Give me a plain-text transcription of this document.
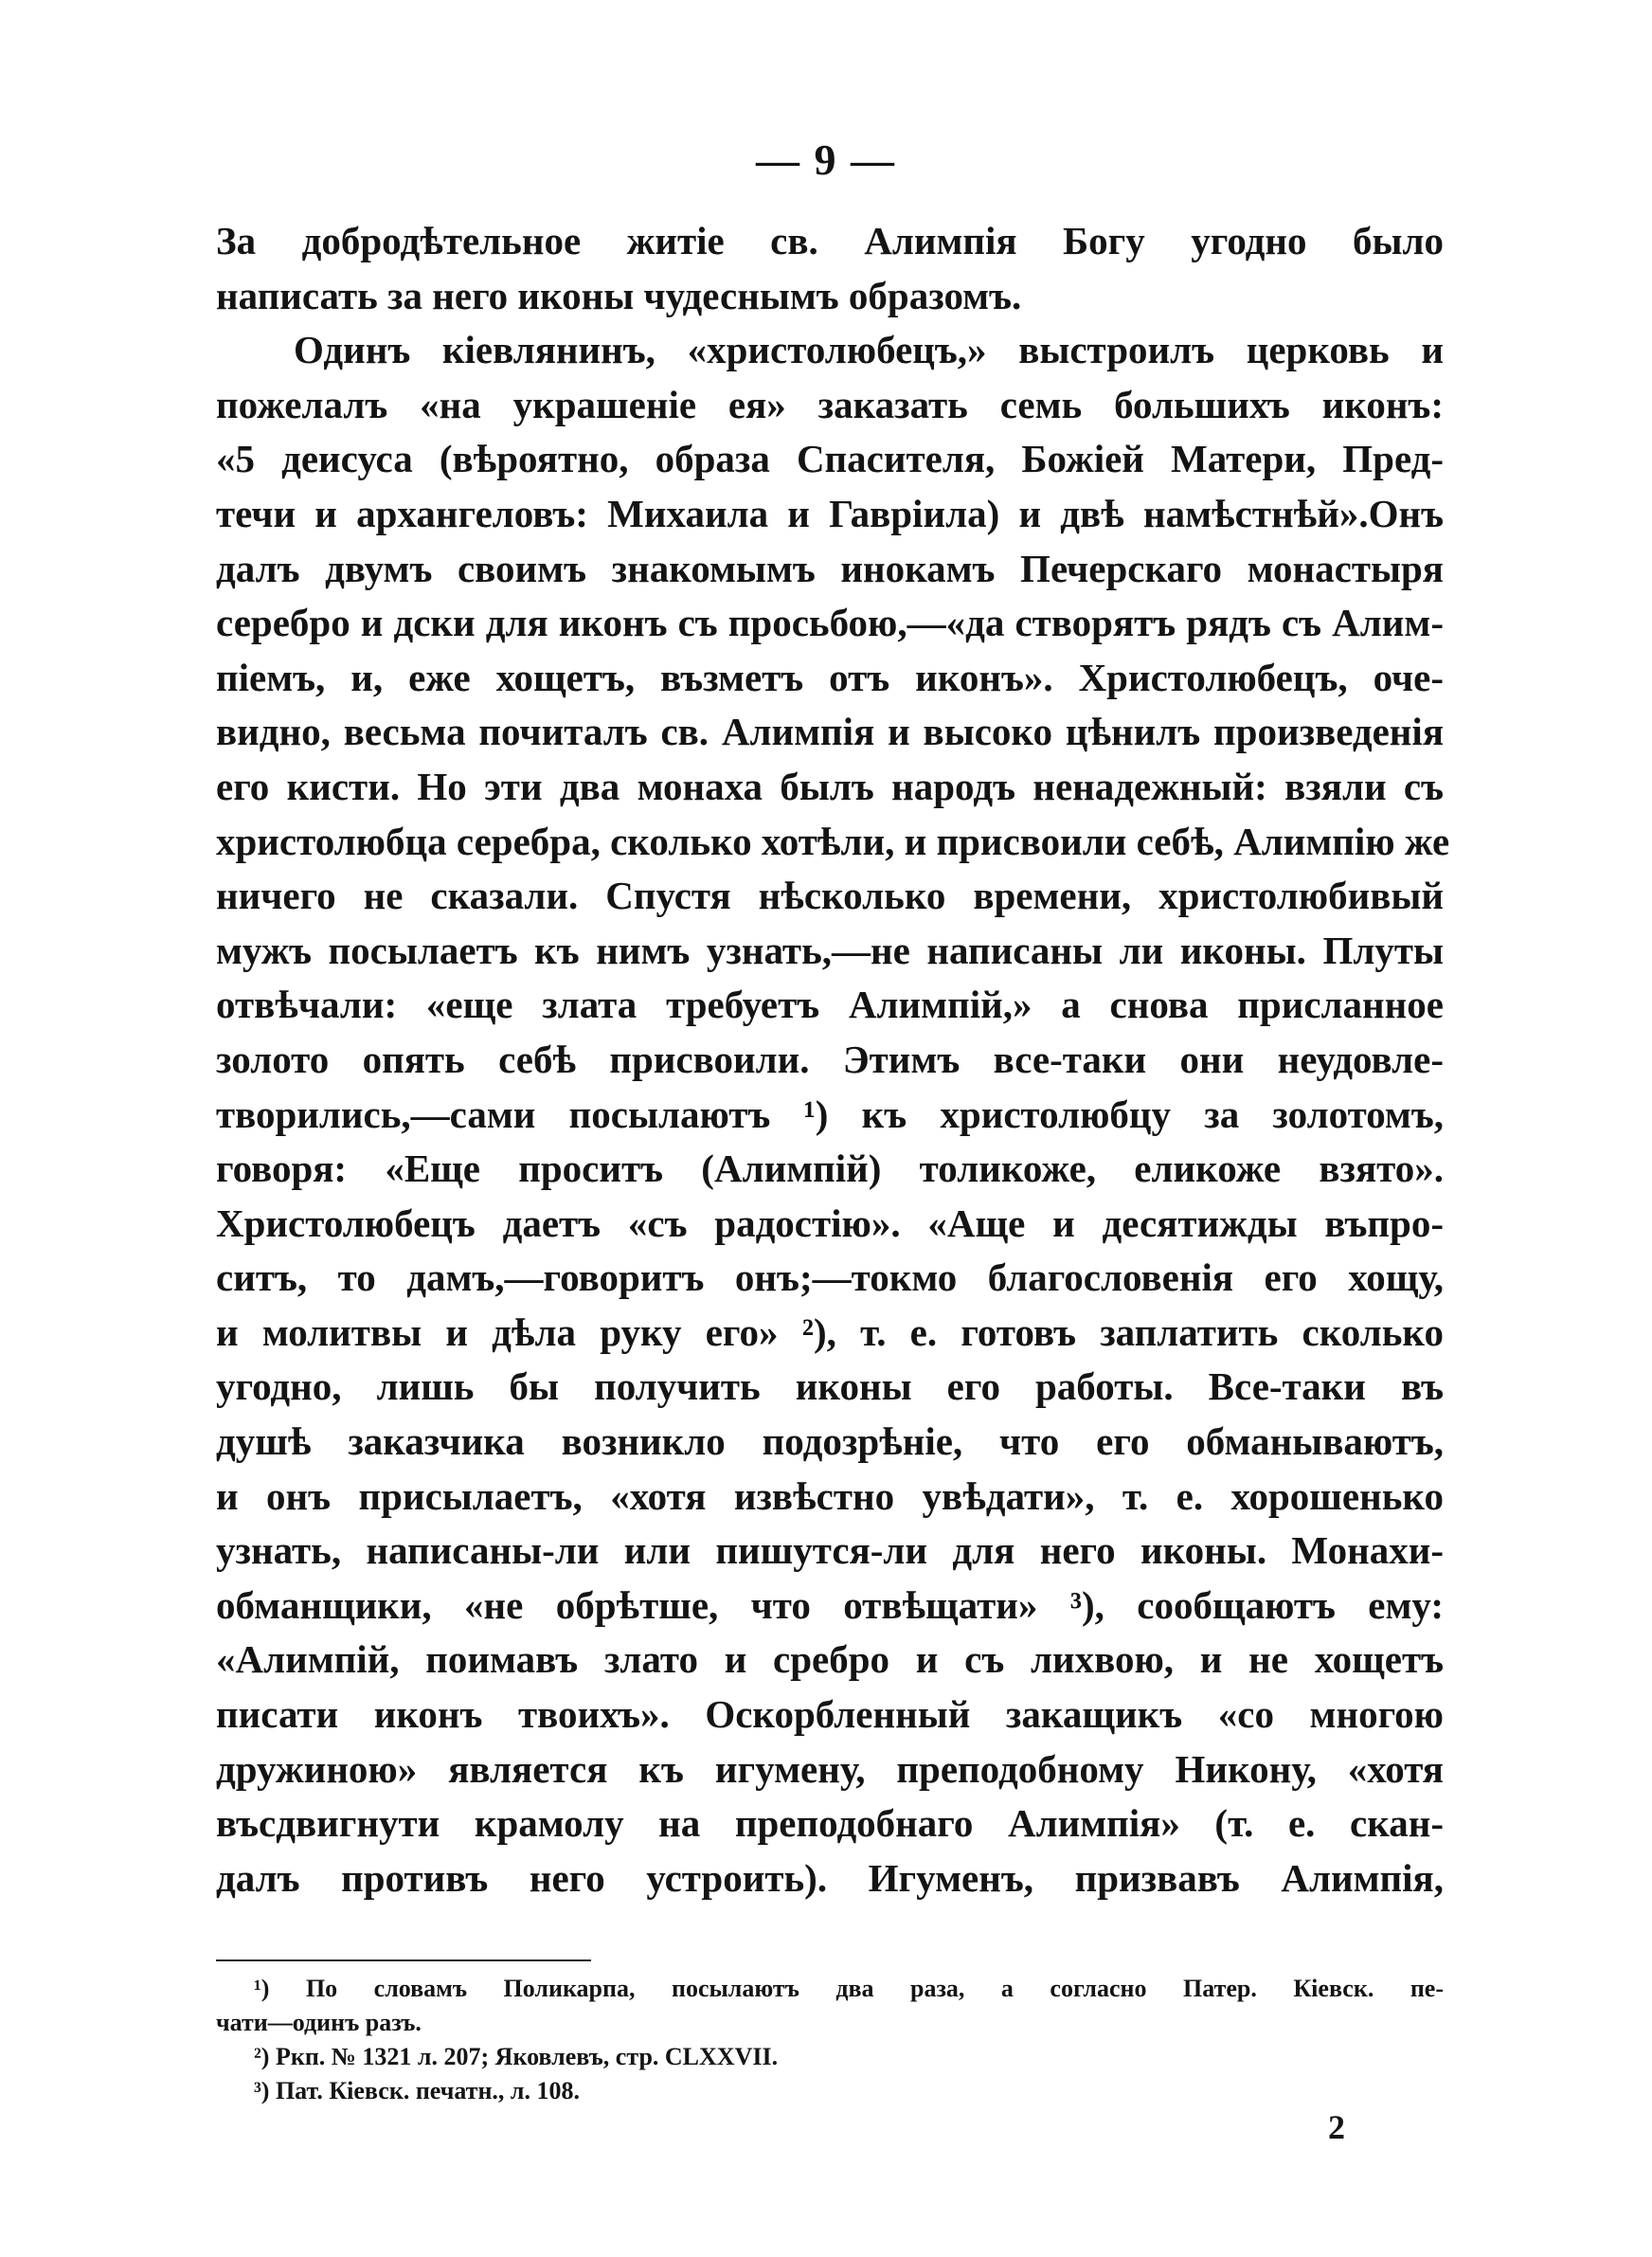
— 9 —
За добродѣтельное житіе св. Алимпія Богу угодно было
написать за него иконы чудеснымъ образомъ.
Одинъ кіевлянинъ, «христолюбецъ,» выстроилъ церковь и
пожелалъ «на украшеніе ея» заказать семь большихъ иконъ:
«5 деисуса (вѣроятно, образа Спасителя, Божіей Матери, Пред-
течи и архангеловъ: Михаила и Гавріила) и двѣ намѣстнѣй».Онъ
далъ двумъ своимъ знакомымъ инокамъ Печерскаго монастыря
серебро и дски для иконъ съ просьбою,—«да створятъ рядъ съ Алим-
піемъ, и, еже хощетъ, възметъ отъ иконъ». Христолюбецъ, оче-
видно, весьма почиталъ св. Алимпія и высоко цѣнилъ произведенія
его кисти. Но эти два монаха былъ народъ ненадежный: взяли съ
христолюбца серебра, сколько хотѣли, и присвоили себѣ, Алимпію же
ничего не сказали. Спустя нѣсколько времени, христолюбивый
мужъ посылаетъ къ нимъ узнать,—не написаны ли иконы. Плуты
отвѣчали: «еще злата требуетъ Алимпій,» а снова присланное
золото опять себѣ присвоили. Этимъ все-таки они неудовле-
творились,—сами посылаютъ ¹) къ христолюбцу за золотомъ,
говоря: «Еще проситъ (Алимпій) толикоже, еликоже взято».
Христолюбецъ даетъ «съ радостію». «Аще и десятижды въпро-
ситъ, то дамъ,—говоритъ онъ;—токмо благословенія его хощу,
и молитвы и дѣла руку его» ²), т. е. готовъ заплатить сколько
угодно, лишь бы получить иконы его работы. Все-таки въ
душѣ заказчика возникло подозрѣніе, что его обманываютъ,
и онъ присылаетъ, «хотя извѣстно увѣдати», т. е. хорошенько
узнать, написаны-ли или пишутся-ли для него иконы. Монахи-
обманщики, «не обрѣтше, что отвѣщати» ³), сообщаютъ ему:
«Алимпій, поимавъ злато и сребро и съ лихвою, и не хощетъ
писати иконъ твоихъ». Оскорбленный закащикъ «со многою
дружиною» является къ игумену, преподобному Никону, «хотя
въсдвигнути крамолу на преподобнаго Алимпія» (т. е. скан-
далъ противъ него устроить). Игуменъ, призвавъ Алимпія,
¹) По словамъ Поликарпа, посылаютъ два раза, а согласно Патер. Кіевск. пе-
чати—одинъ разъ.
²) Ркп. № 1321 л. 207; Яковлевъ, стр. CLXXVII.
³) Пат. Кіевск. печатн., л. 108.
2
